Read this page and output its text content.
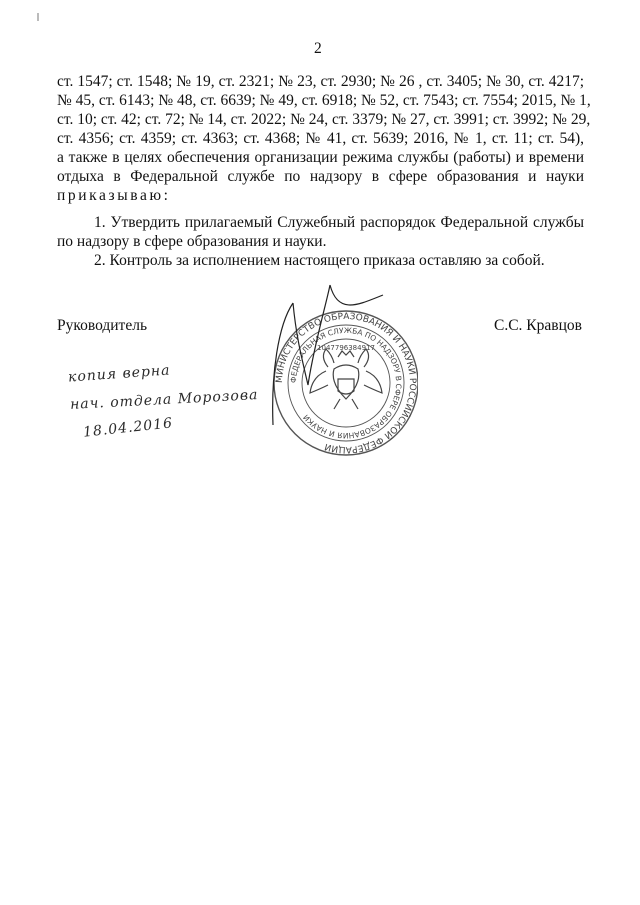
2
ст. 1547; ст. 1548; № 19, ст. 2321; № 23, ст. 2930; № 26 , ст. 3405; № 30, ст. 4217;
№ 45, ст. 6143; № 48, ст. 6639; № 49, ст. 6918; № 52, ст. 7543; ст. 7554; 2015, № 1,
ст. 10; ст. 42; ст. 72; № 14, ст. 2022; № 24, ст. 3379; № 27, ст. 3991; ст. 3992; № 29,
ст. 4356; ст. 4359; ст. 4363; ст. 4368; № 41, ст. 5639; 2016, № 1, ст. 11; ст. 54),
а также в целях обеспечения организации режима службы (работы) и времени
отдыха в Федеральной службе по надзору в сфере образования и науки
приказываю:
1. Утвердить прилагаемый Служебный распорядок Федеральной службы
по надзору в сфере образования и науки.
2. Контроль за исполнением настоящего приказа оставляю за собой.
Руководитель	С.С. Кравцов
копия верна
нач. отдела Морозова
18.04.2016
МИНИСТЕРСТВО ОБРАЗОВАНИЯ И НАУКИ РОССИЙСКОЙ ФЕДЕРАЦИИ
ФЕДЕРАЛЬНАЯ СЛУЖБА ПО НАДЗОРУ В СФЕРЕ ОБРАЗОВАНИЯ И НАУКИ
1047796384917
